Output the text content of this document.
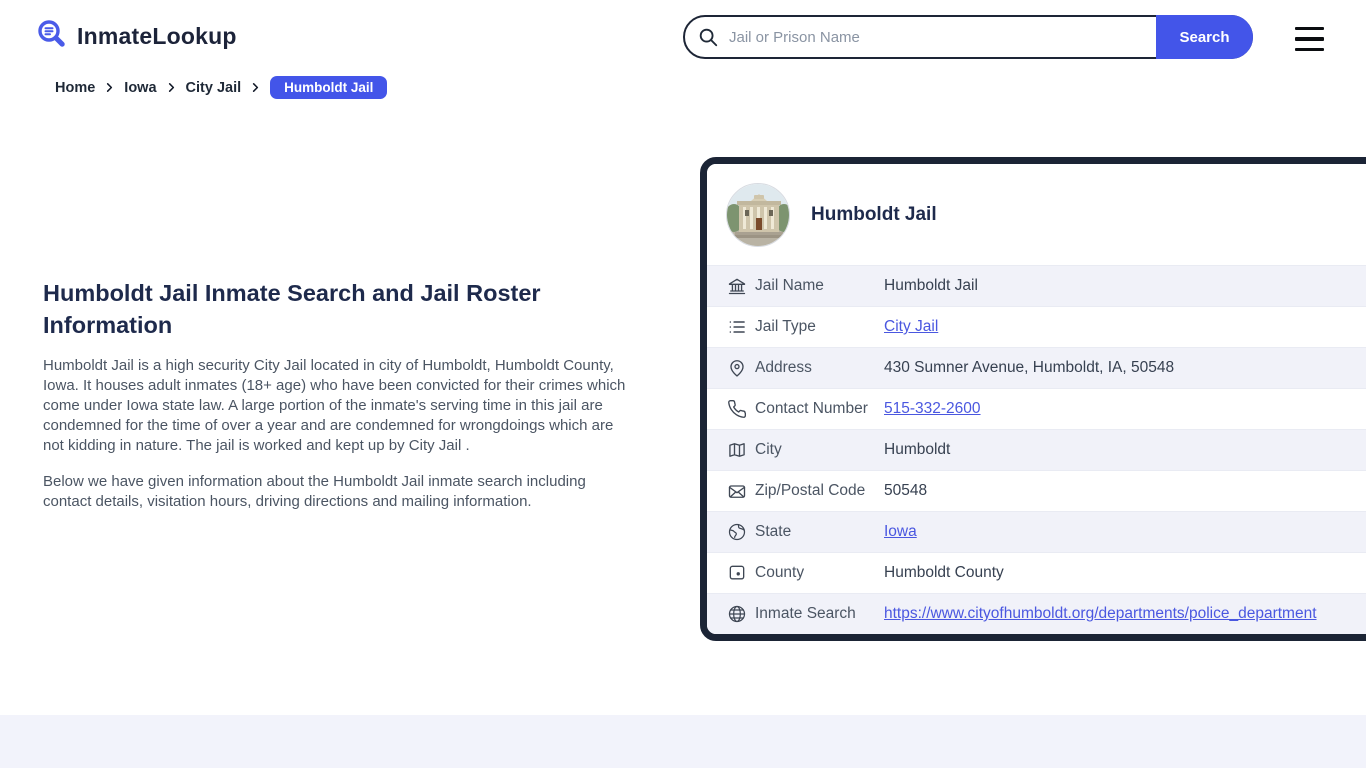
InmateLookup
Jail or Prison Name	Search
Home Iowa City Jail	Humboldt Jail
Humboldt Jail Inmate Search and Jail Roster Information

Humboldt Jail is a high security City Jail located in city of Humboldt, Humboldt County, Iowa. It houses adult inmates (18+ age) who have been convicted for their crimes which come under Iowa state law. A large portion of the inmate's serving time in this jail are condemned for the time of over a year and are condemned for wrongdoings which are not kidding in nature. The jail is worked and kept up by City Jail .

Below we have given information about the Humboldt Jail inmate search including contact details, visitation hours, driving directions and mailing information.

Humboldt Jail
Jail Name	Humboldt Jail
Jail Type	City Jail
Address	430 Sumner Avenue, Humboldt, IA, 50548
Contact Number	515-332-2600
City	Humboldt
Zip/Postal Code	50548
State	Iowa
County	Humboldt County
Inmate Search	https://www.cityofhumboldt.org/departments/police_department
